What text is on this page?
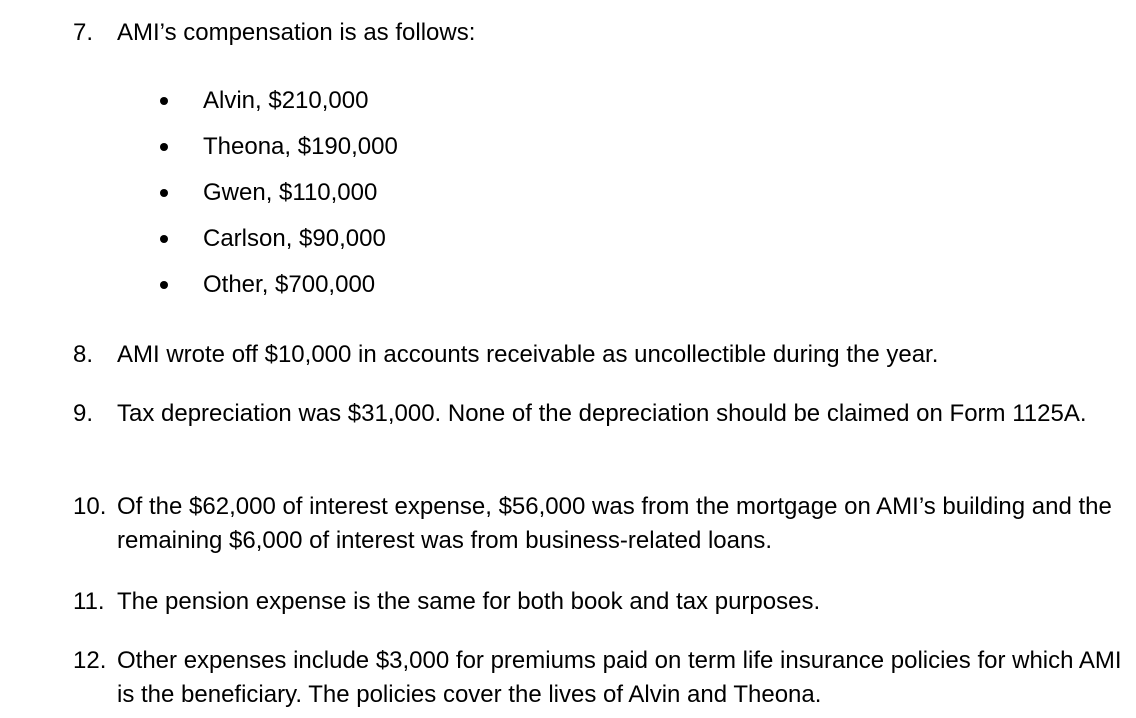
7. AMI’s compensation is as follows:
Alvin, $210,000
Theona, $190,000
Gwen, $110,000
Carlson, $90,000
Other, $700,000
8. AMI wrote off $10,000 in accounts receivable as uncollectible during the year.
9. Tax depreciation was $31,000. None of the depreciation should be claimed on Form 1125A.
10. Of the $62,000 of interest expense, $56,000 was from the mortgage on AMI’s building and the remaining $6,000 of interest was from business-related loans.
11. The pension expense is the same for both book and tax purposes.
12. Other expenses include $3,000 for premiums paid on term life insurance policies for which AMI is the beneficiary. The policies cover the lives of Alvin and Theona.
